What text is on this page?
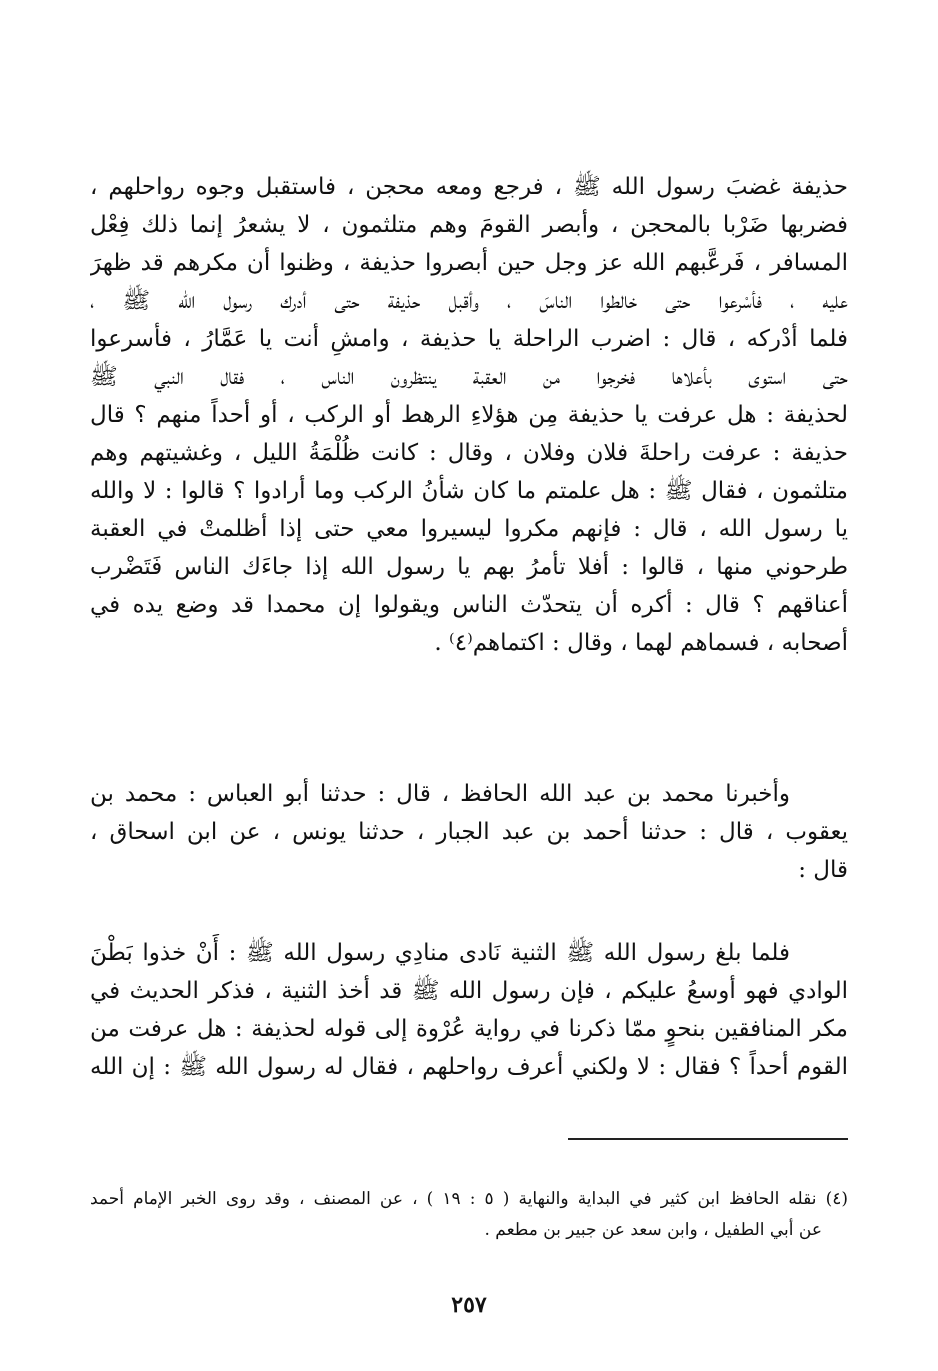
حذيفة غضبَ رسول الله ﷺ ، فرجع ومعه محجن ، فاستقبل وجوه رواحلهم ،
فضربها ضَرْبا بالمحجن ، وأبصر القومَ وهم متلثمون ، لا يشعرُ إنما ذلك فِعْل
المسافر ، فَرعَّبهم الله عز وجل حين أبصروا حذيفة ، وظنوا أن مكرهم قد ظهرَ
عليه ، فأسْرعوا حتى خالطوا الناسَ ، وأقبل حذيفة حتى أدرك رسول الله ﷺ ،
فلما أدْركه ، قال : اضرب الراحلة يا حذيفة ، وامشِ أنت يا عَمَّارُ ، فأسرعوا
حتى استوى بأعلاها فخرجوا من العقبة ينتظرون الناس ، فقال النبي ﷺ
لحذيفة : هل عرفت يا حذيفة مِن هؤلاءِ الرهط أو الركب ، أو أحداً منهم ؟ قال
حذيفة : عرفت راحلةَ فلان وفلان ، وقال : كانت ظُلْمَةُ الليل ، وغشيتهم وهم
متلثمون ، فقال ﷺ : هل علمتم ما كان شأنُ الركب وما أرادوا ؟ قالوا : لا والله
يا رسول الله ، قال : فإنهم مكروا ليسيروا معي حتى إذا أظلمتْ في العقبة
طرحوني منها ، قالوا : أفلا تأمرُ بهم يا رسول الله إذا جاءَك الناس فَتَضْرب
أعناقهم ؟ قال : أكره أن يتحدّث الناس ويقولوا إن محمدا قد وضع يده في
أصحابه ، فسماهم لهما ، وقال : اكتماهم⁽٤⁾ .
وأخبرنا محمد بن عبد الله الحافظ ، قال : حدثنا أبو العباس : محمد بن
يعقوب ، قال : حدثنا أحمد بن عبد الجبار ، حدثنا يونس ، عن ابن اسحاق ،
قال :
فلما بلغ رسول الله ﷺ الثنية نَادى منادِي رسول الله ﷺ : أَنْ خذوا بَطْنَ
الوادي فهو أوسعُ عليكم ، فإن رسول الله ﷺ قد أخذ الثنية ، فذكر الحديث في
مكر المنافقين بنحوٍ ممّا ذكرنا في رواية عُرْوة إلى قوله لحذيفة : هل عرفت من
القوم أحداً ؟ فقال : لا ولكني أعرف رواحلهم ، فقال له رسول الله ﷺ : إن الله
(٤) نقله الحافظ ابن كثير في البداية والنهاية ( ٥ : ١٩ ) ، عن المصنف ، وقد روى الخبر الإمام أحمد
عن أبي الطفيل ، وابن سعد عن جبير بن مطعم .
٢٥٧
